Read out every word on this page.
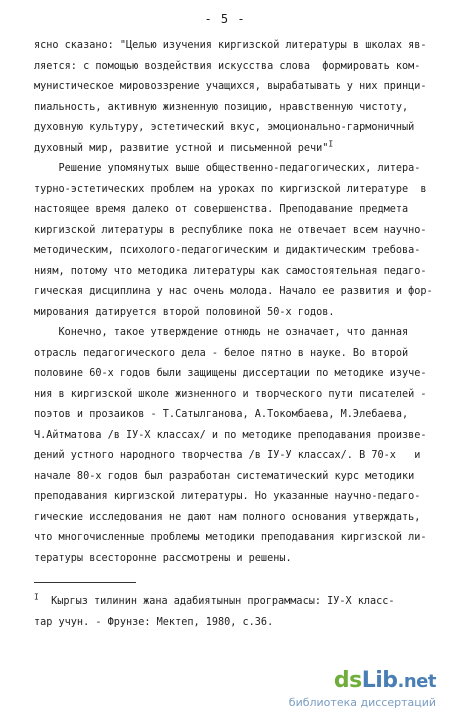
- 5 -
ясно сказано: "Целью изучения киргизской литературы в школах яв-
ляется: с помощью воздействия искусства слова  формировать ком-
мунистическое мировоззрение учащихся, вырабатывать у них принци-
пиальность, активную жизненную позицию, нравственную чистоту,
духовную культуру, эстетический вкус, эмоционально-гармоничный
духовный мир, развитие устной и письменной речи"$^I$
Решение упомянутых выше общественно-педагогических, литера-
турно-эстетических проблем на уроках по киргизской литературе  в
настоящее время далеко от совершенства. Преподавание предмета
киргизской литературы в республике пока не отвечает всем научно-
методическим, психолого-педагогическим и дидактическим требова-
ниям, потому что методика литературы как самостоятельная педаго-
гическая дисциплина у нас очень молода. Начало ее развития и фор-
мирования датируется второй половиной 50-х годов.
Конечно, такое утверждение отнюдь не означает, что данная
отрасль педагогического дела - белое пятно в науке. Во второй
половине 60-х годов были защищены диссертации по методике изуче-
ния в киргизской школе жизненного и творческого пути писателей -
поэтов и прозаиков - Т.Сатылганова, А.Токомбаева, М.Элебаева,
Ч.Айтматова /в IУ-Х классах/ и по методике преподавания произве-
дений устного народного творчества /в IУ-У классах/. В 70-х   и
начале 80-х годов был разработан систематический курс методики
преподавания киргизской литературы. Но указанные научно-педаго-
гические исследования не дают нам полного основания утверждать,
что многочисленные проблемы методики преподавания киргизской ли-
тературы всесторонне рассмотрены и решены.
$^I$  Кыргыз тилинин жана адабиятынын программасы: IУ-Х класс-
тар учун. - Фрунзе: Мектеп, 1980, с.36.
dsLib.net
библиотека диссертаций
